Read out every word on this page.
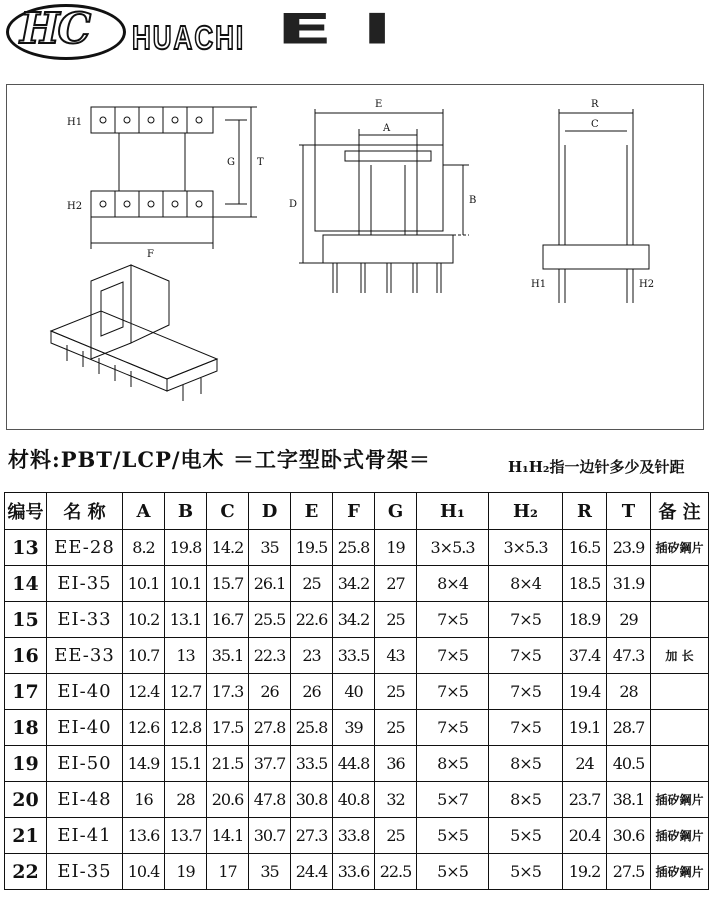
HC HUACHI EI
H1
H2
G T
F
E
A
D	B
R
C
H1	H2
材料:PBT/LCP/电木 ＝工字型卧式骨架＝	H₁H₂指一边针多少及针距
编号	名 称	A	B	C	D	E	F	G	H₁	H₂	R	T	备 注
13	EE-28	8.2	19.8	14.2	35	19.5	25.8	19	3×5.3	3×5.3	16.5	23.9	插矽鋼片
14	EI-35	10.1	10.1	15.7	26.1	25	34.2	27	8×4	8×4	18.5	31.9	
15	EI-33	10.2	13.1	16.7	25.5	22.6	34.2	25	7×5	7×5	18.9	29	
16	EE-33	10.7	13	35.1	22.3	23	33.5	43	7×5	7×5	37.4	47.3	加 长
17	EI-40	12.4	12.7	17.3	26	26	40	25	7×5	7×5	19.4	28	
18	EI-40	12.6	12.8	17.5	27.8	25.8	39	25	7×5	7×5	19.1	28.7	
19	EI-50	14.9	15.1	21.5	37.7	33.5	44.8	36	8×5	8×5	24	40.5	
20	EI-48	16	28	20.6	47.8	30.8	40.8	32	5×7	8×5	23.7	38.1	插矽鋼片
21	EI-41	13.6	13.7	14.1	30.7	27.3	33.8	25	5×5	5×5	20.4	30.6	插矽鋼片
22	EI-35	10.4	19	17	35	24.4	33.6	22.5	5×5	5×5	19.2	27.5	插矽鋼片
